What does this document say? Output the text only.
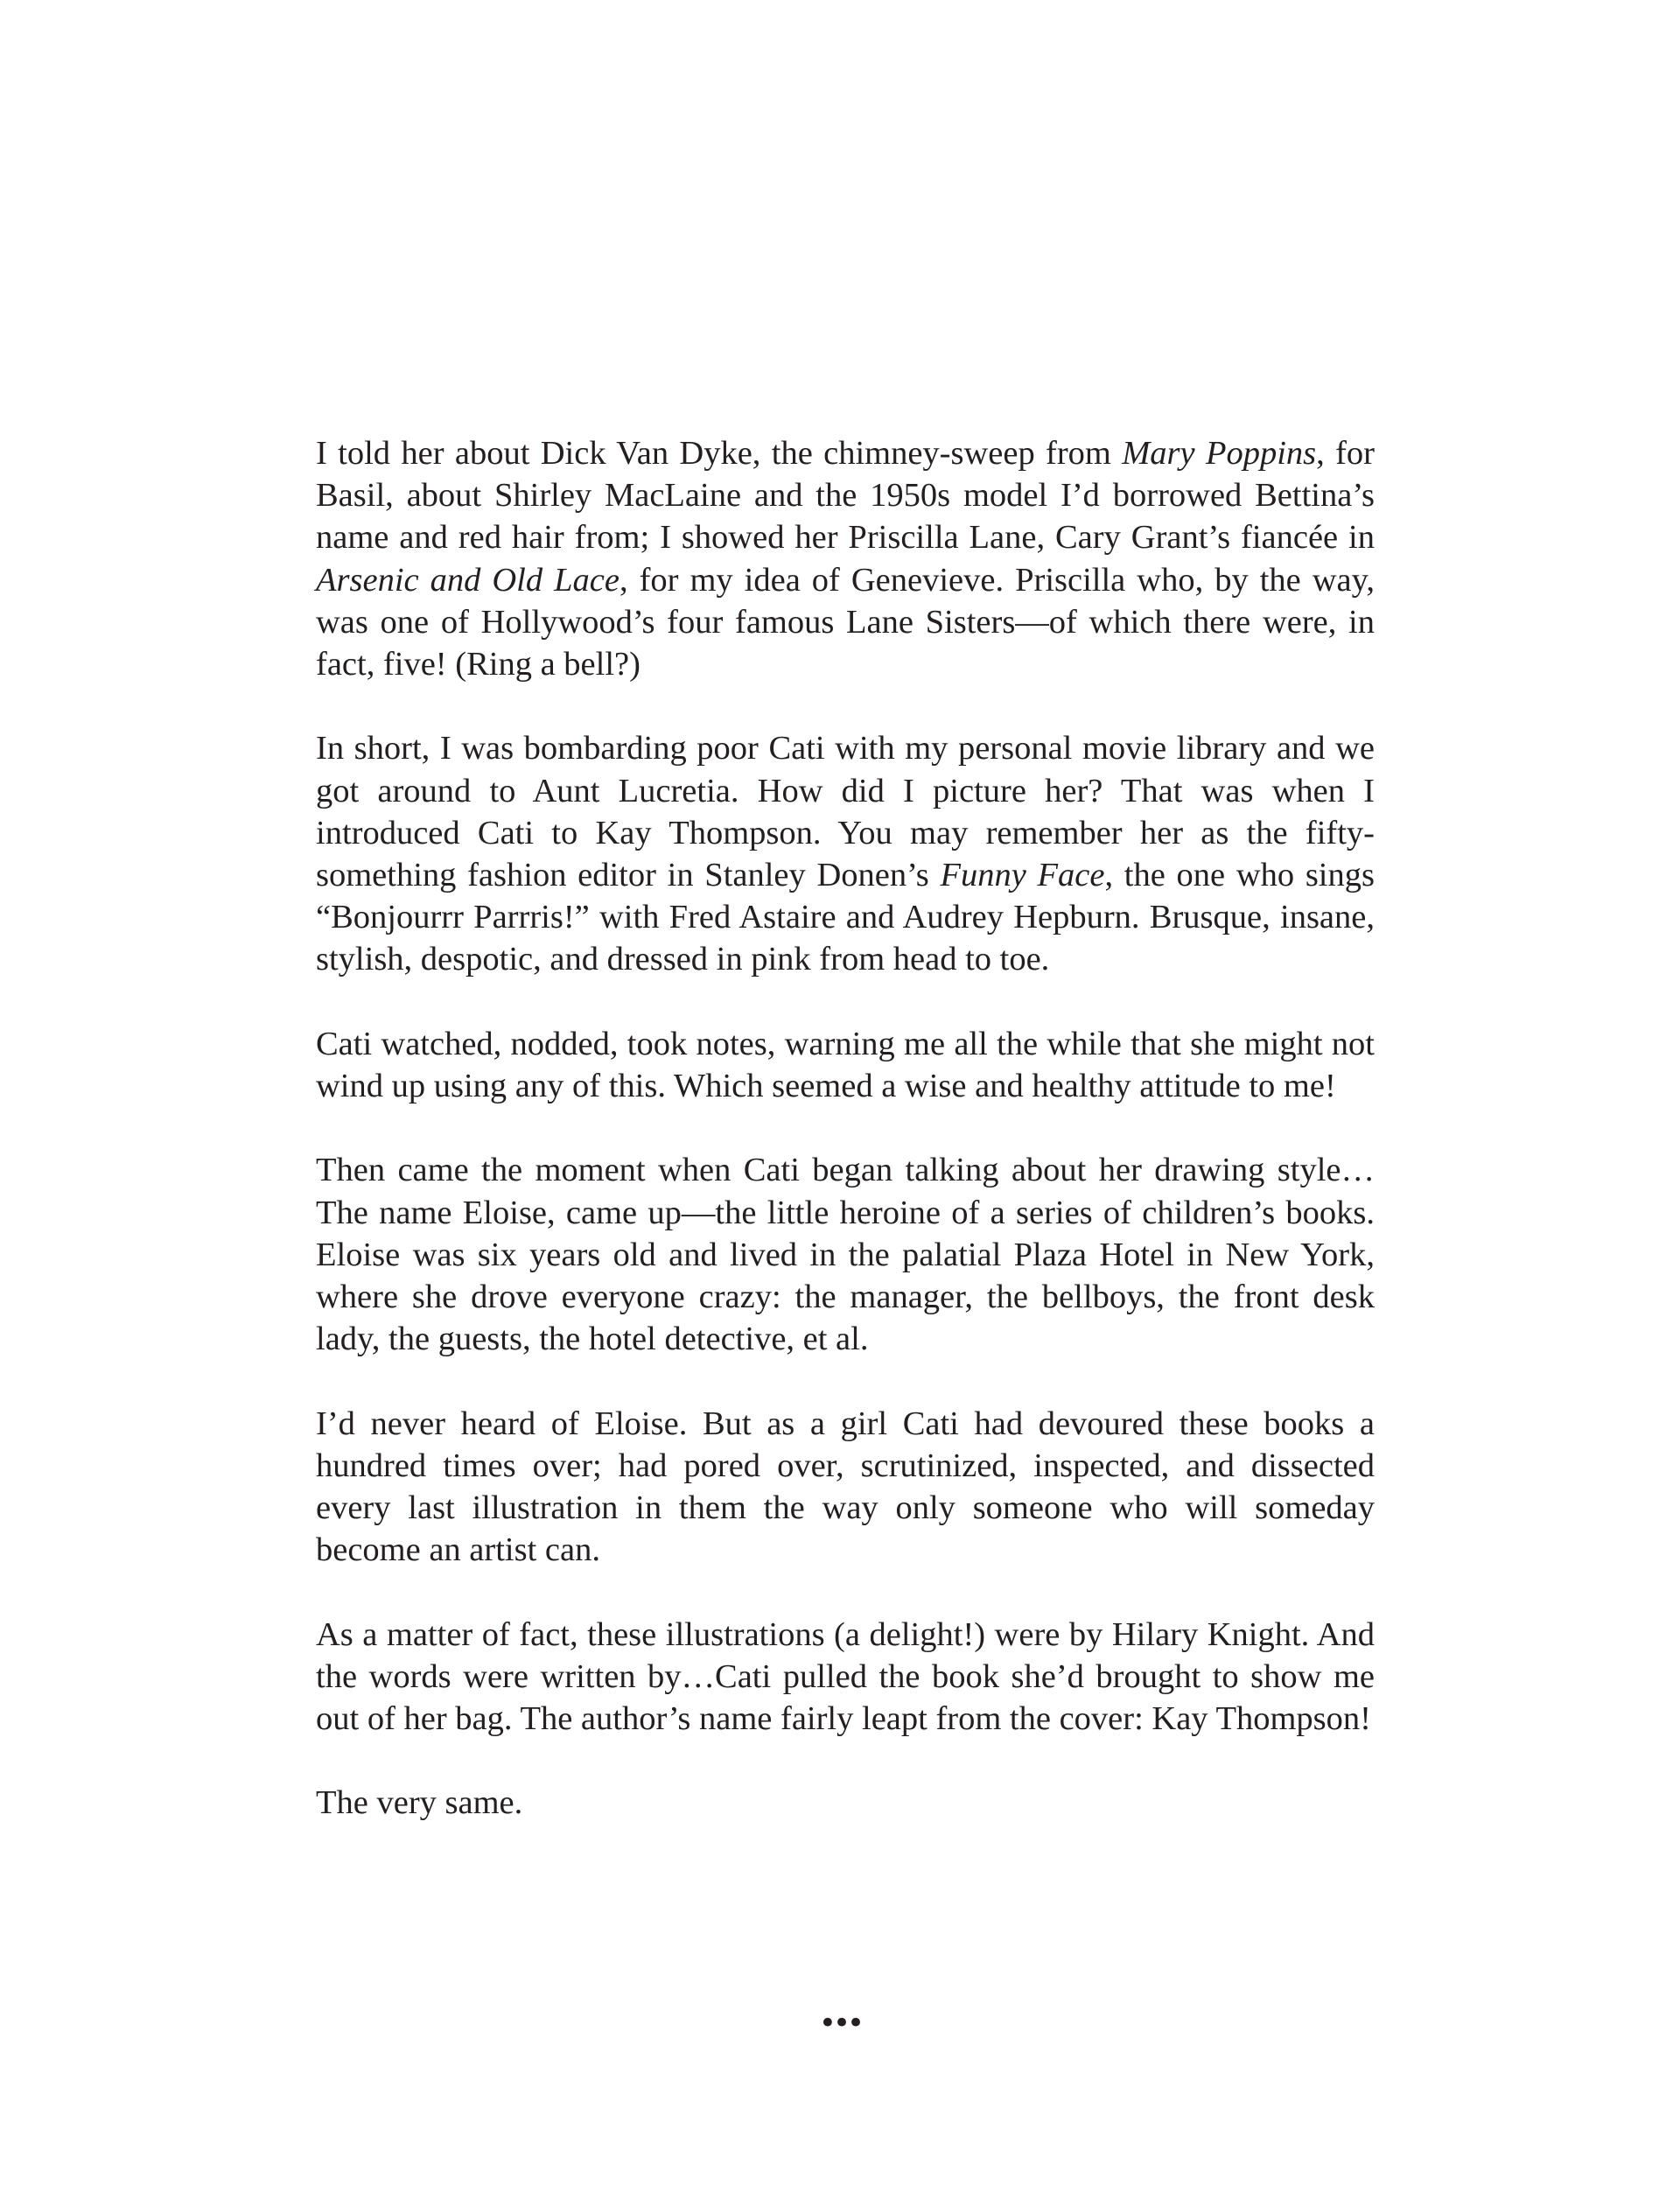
I told her about Dick Van Dyke, the chimney-sweep from Mary Poppins, for Basil, about Shirley MacLaine and the 1950s model I’d borrowed Bettina’s name and red hair from; I showed her Priscilla Lane, Cary Grant’s fiancée in Arsenic and Old Lace, for my idea of Genevieve. Priscilla who, by the way, was one of Hollywood’s four famous Lane Sisters—of which there were, in fact, five! (Ring a bell?)

In short, I was bombarding poor Cati with my personal movie library and we got around to Aunt Lucretia. How did I picture her? That was when I introduced Cati to Kay Thompson. You may remember her as the fifty-something fashion editor in Stanley Donen’s Funny Face, the one who sings “Bonjourrr Parrris!” with Fred Astaire and Audrey Hepburn. Brusque, insane, stylish, despotic, and dressed in pink from head to toe.

Cati watched, nodded, took notes, warning me all the while that she might not wind up using any of this. Which seemed a wise and healthy attitude to me!

Then came the moment when Cati began talking about her drawing style… The name Eloise, came up—the little heroine of a series of children’s books. Eloise was six years old and lived in the palatial Plaza Hotel in New York, where she drove everyone crazy: the manager, the bellboys, the front desk lady, the guests, the hotel detective, et al.

I’d never heard of Eloise. But as a girl Cati had devoured these books a hundred times over; had pored over, scrutinized, inspected, and dissected every last illustration in them the way only someone who will someday become an artist can.

As a matter of fact, these illustrations (a delight!) were by Hilary Knight. And the words were written by…Cati pulled the book she’d brought to show me out of her bag. The author’s name fairly leapt from the cover: Kay Thompson!

The very same.

•••
